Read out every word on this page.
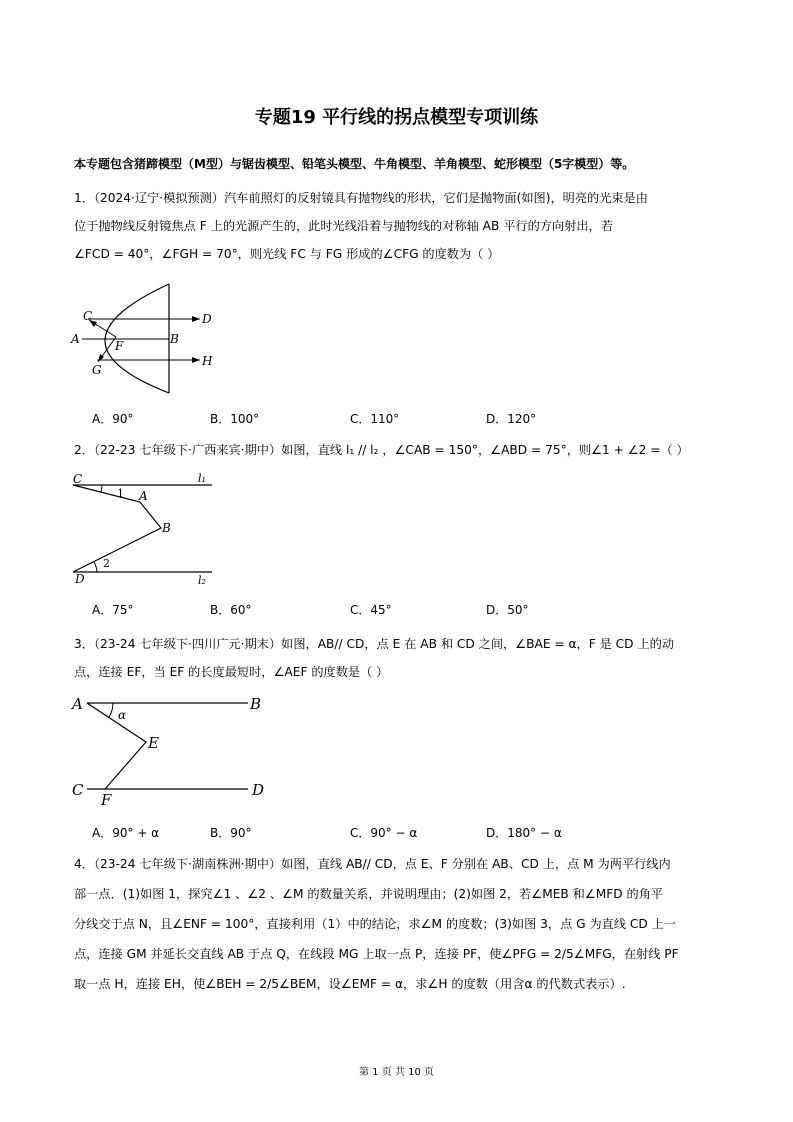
专题19 平行线的拐点模型专项训练
本专题包含猪蹄模型（M型）与锯齿模型、铅笔头模型、牛角模型、羊角模型、蛇形模型（5字模型）等。
1．（2024·辽宁·模拟预测）汽车前照灯的反射镜具有抛物线的形状，它们是抛物面(如图)，明亮的光束是由
位于抛物线反射镜焦点 F 上的光源产生的，此时光线沿着与抛物线的对称轴 AB 平行的方向射出，若
∠FCD = 40°，∠FGH = 70°，则光线 FC 与 FG 形成的∠CFG 的度数为（ ）
C	D
A	F	B
G
H
A．90°	B．100°	C．110°	D．120°
2．（22-23 七年级下·广西来宾·期中）如图，直线 l₁ // l₂ ，∠CAB = 150°，∠ABD = 75°，则∠1 + ∠2 =（ ）
C	l₁
1 A
B
2
D	l₂
A．75°	B．60°	C．45°	D．50°
3．（23-24 七年级下·四川广元·期末）如图，AB// CD，点 E 在 AB 和 CD 之间，∠BAE = α，F 是 CD 上的动
点，连接 EF，当 EF 的长度最短时，∠AEF 的度数是（ ）
A
α
B
E
C
F
D
A．90° + α	B．90°	C．90° − α	D．180° − α
4．（23-24 七年级下·湖南株洲·期中）如图，直线 AB// CD，点 E、F 分别在 AB、CD 上，点 M 为两平行线内
部一点．(1)如图 1，探究∠1 、∠2 、∠M 的数量关系，并说明理由；(2)如图 2，若∠MEB 和∠MFD 的角平
分线交于点 N，且∠ENF = 100°，直接利用（1）中的结论，求∠M 的度数；(3)如图 3，点 G 为直线 CD 上一
点，连接 GM 并延长交直线 AB 于点 Q，在线段 MG 上取一点 P，连接 PF，使∠PFG = 2/5∠MFG，在射线 PF
取一点 H，连接 EH，使∠BEH = 2/5∠BEM，设∠EMF = α，求∠H 的度数（用含α 的代数式表示）.
第 1 页 共 10 页
